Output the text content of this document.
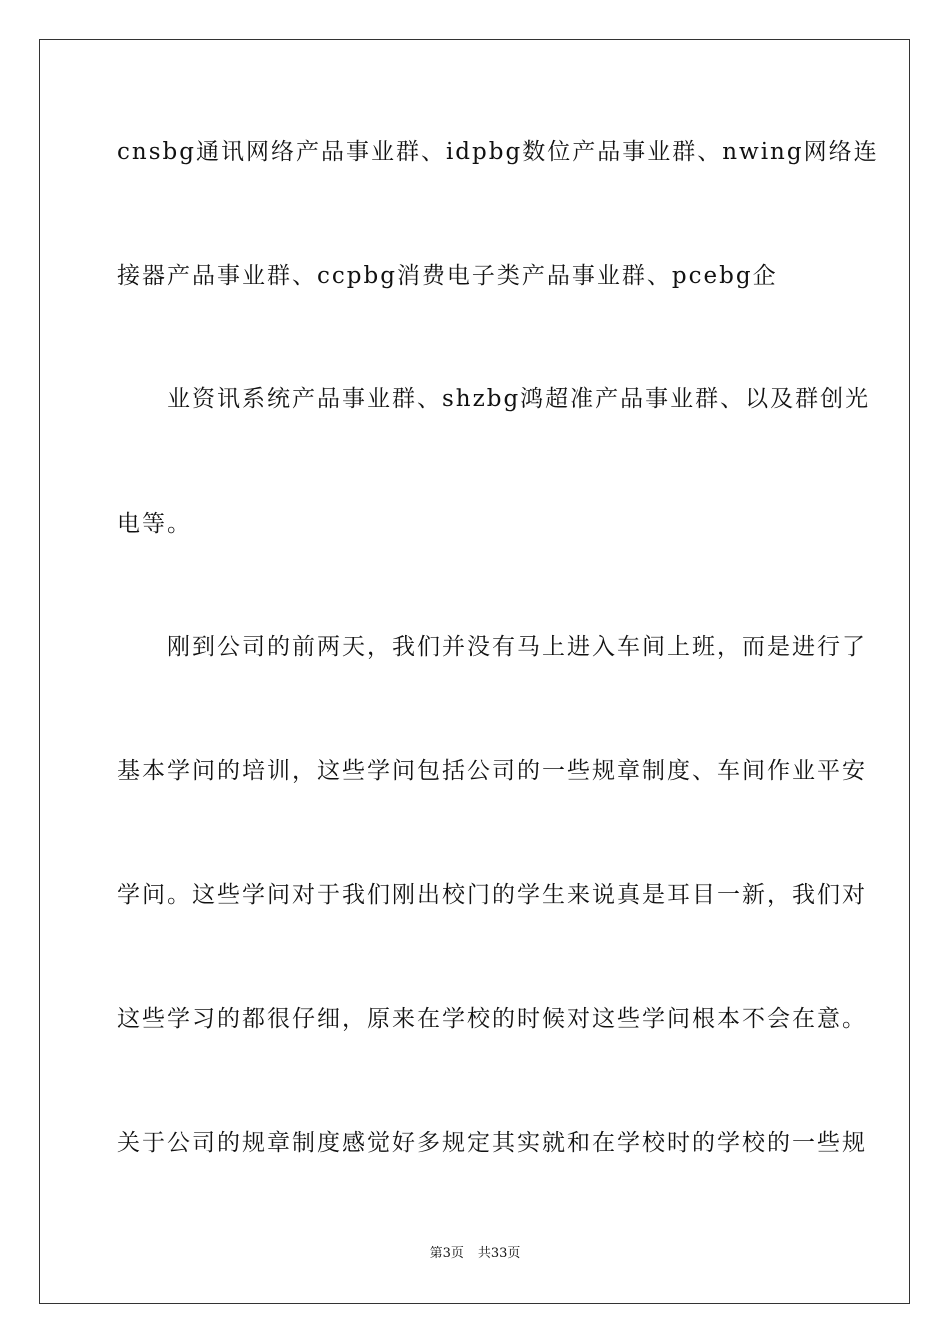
cnsbg通讯网络产品事业群、idpbg数位产品事业群、nwing网络连
接器产品事业群、ccpbg消费电子类产品事业群、pcebg企
　　业资讯系统产品事业群、shzbg鸿超准产品事业群、以及群创光
电等。
　　刚到公司的前两天，我们并没有马上进入车间上班，而是进行了
基本学问的培训，这些学问包括公司的一些规章制度、车间作业平安
学问。这些学问对于我们刚出校门的学生来说真是耳目一新，我们对
这些学习的都很仔细，原来在学校的时候对这些学问根本不会在意。
关于公司的规章制度感觉好多规定其实就和在学校时的学校的一些规
第3页 共33页
